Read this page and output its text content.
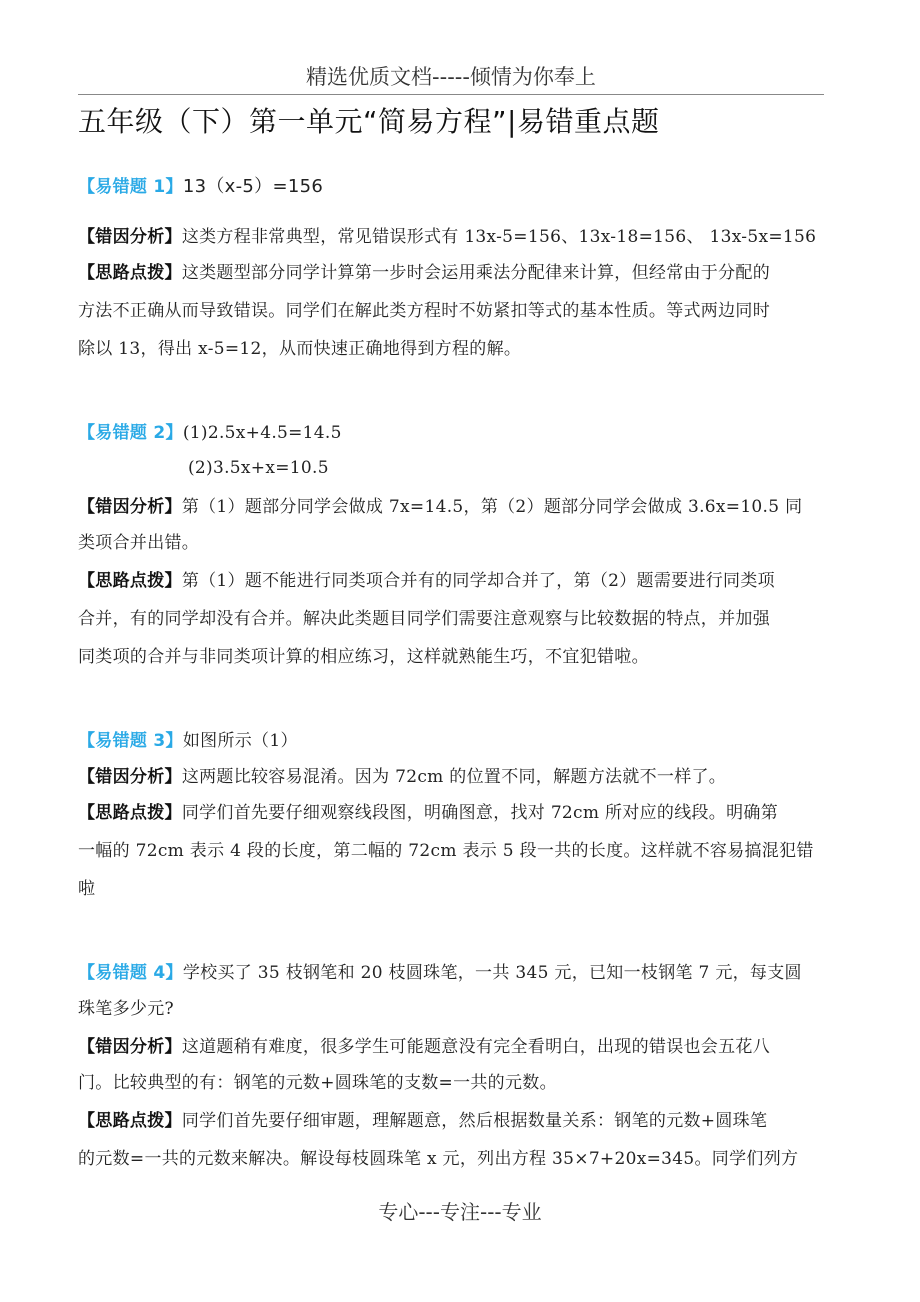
精选优质文档-----倾情为你奉上
五年级（下）第一单元“简易方程”|易错重点题
【易错题 1】13（x-5）=156
【错因分析】这类方程非常典型，常见错误形式有 13x-5=156、13x-18=156、 13x-5x=156
【思路点拨】这类题型部分同学计算第一步时会运用乘法分配律来计算，但经常由于分配的
方法不正确从而导致错误。同学们在解此类方程时不妨紧扣等式的基本性质。等式两边同时
除以 13，得出 x-5=12，从而快速正确地得到方程的解。
【易错题 2】(1)2.5x+4.5=14.5
(2)3.5x+x=10.5
【错因分析】第（1）题部分同学会做成 7x=14.5，第（2）题部分同学会做成 3.6x=10.5 同
类项合并出错。
【思路点拨】第（1）题不能进行同类项合并有的同学却合并了，第（2）题需要进行同类项
合并，有的同学却没有合并。解决此类题目同学们需要注意观察与比较数据的特点，并加强
同类项的合并与非同类项计算的相应练习，这样就熟能生巧，不宜犯错啦。
【易错题 3】如图所示（1）
【错因分析】这两题比较容易混淆。因为 72cm 的位置不同，解题方法就不一样了。
【思路点拨】同学们首先要仔细观察线段图，明确图意，找对 72cm 所对应的线段。明确第
一幅的 72cm 表示 4 段的长度，第二幅的 72cm 表示 5 段一共的长度。这样就不容易搞混犯错
啦
【易错题 4】学校买了 35 枝钢笔和 20 枝圆珠笔，一共 345 元，已知一枝钢笔 7 元，每支圆
珠笔多少元?
【错因分析】这道题稍有难度，很多学生可能题意没有完全看明白，出现的错误也会五花八
门。比较典型的有：钢笔的元数+圆珠笔的支数=一共的元数。
【思路点拨】同学们首先要仔细审题，理解题意，然后根据数量关系：钢笔的元数+圆珠笔
的元数=一共的元数来解决。解设每枝圆珠笔 x 元，列出方程 35×7+20x=345。同学们列方
专心---专注---专业
